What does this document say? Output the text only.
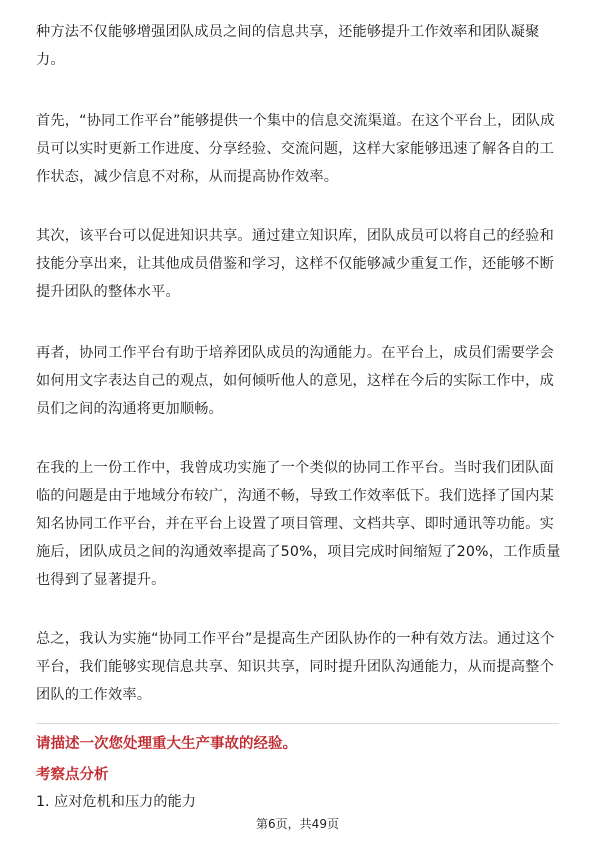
种方法不仅能够增强团队成员之间的信息共享，还能够提升工作效率和团队凝聚
力。

首先，“协同工作平台”能够提供一个集中的信息交流渠道。在这个平台上，团队成
员可以实时更新工作进度、分享经验、交流问题，这样大家能够迅速了解各自的工
作状态，减少信息不对称，从而提高协作效率。

其次，该平台可以促进知识共享。通过建立知识库，团队成员可以将自己的经验和
技能分享出来，让其他成员借鉴和学习，这样不仅能够减少重复工作，还能够不断
提升团队的整体水平。

再者，协同工作平台有助于培养团队成员的沟通能力。在平台上，成员们需要学会
如何用文字表达自己的观点，如何倾听他人的意见，这样在今后的实际工作中，成
员们之间的沟通将更加顺畅。

在我的上一份工作中，我曾成功实施了一个类似的协同工作平台。当时我们团队面
临的问题是由于地域分布较广，沟通不畅，导致工作效率低下。我们选择了国内某
知名协同工作平台，并在平台上设置了项目管理、文档共享、即时通讯等功能。实
施后，团队成员之间的沟通效率提高了50%，项目完成时间缩短了20%，工作质量
也得到了显著提升。

总之，我认为实施“协同工作平台”是提高生产团队协作的一种有效方法。通过这个
平台，我们能够实现信息共享、知识共享，同时提升团队沟通能力，从而提高整个
团队的工作效率。

请描述一次您处理重大生产事故的经验。
考察点分析
1. 应对危机和压力的能力
第6页，共49页
